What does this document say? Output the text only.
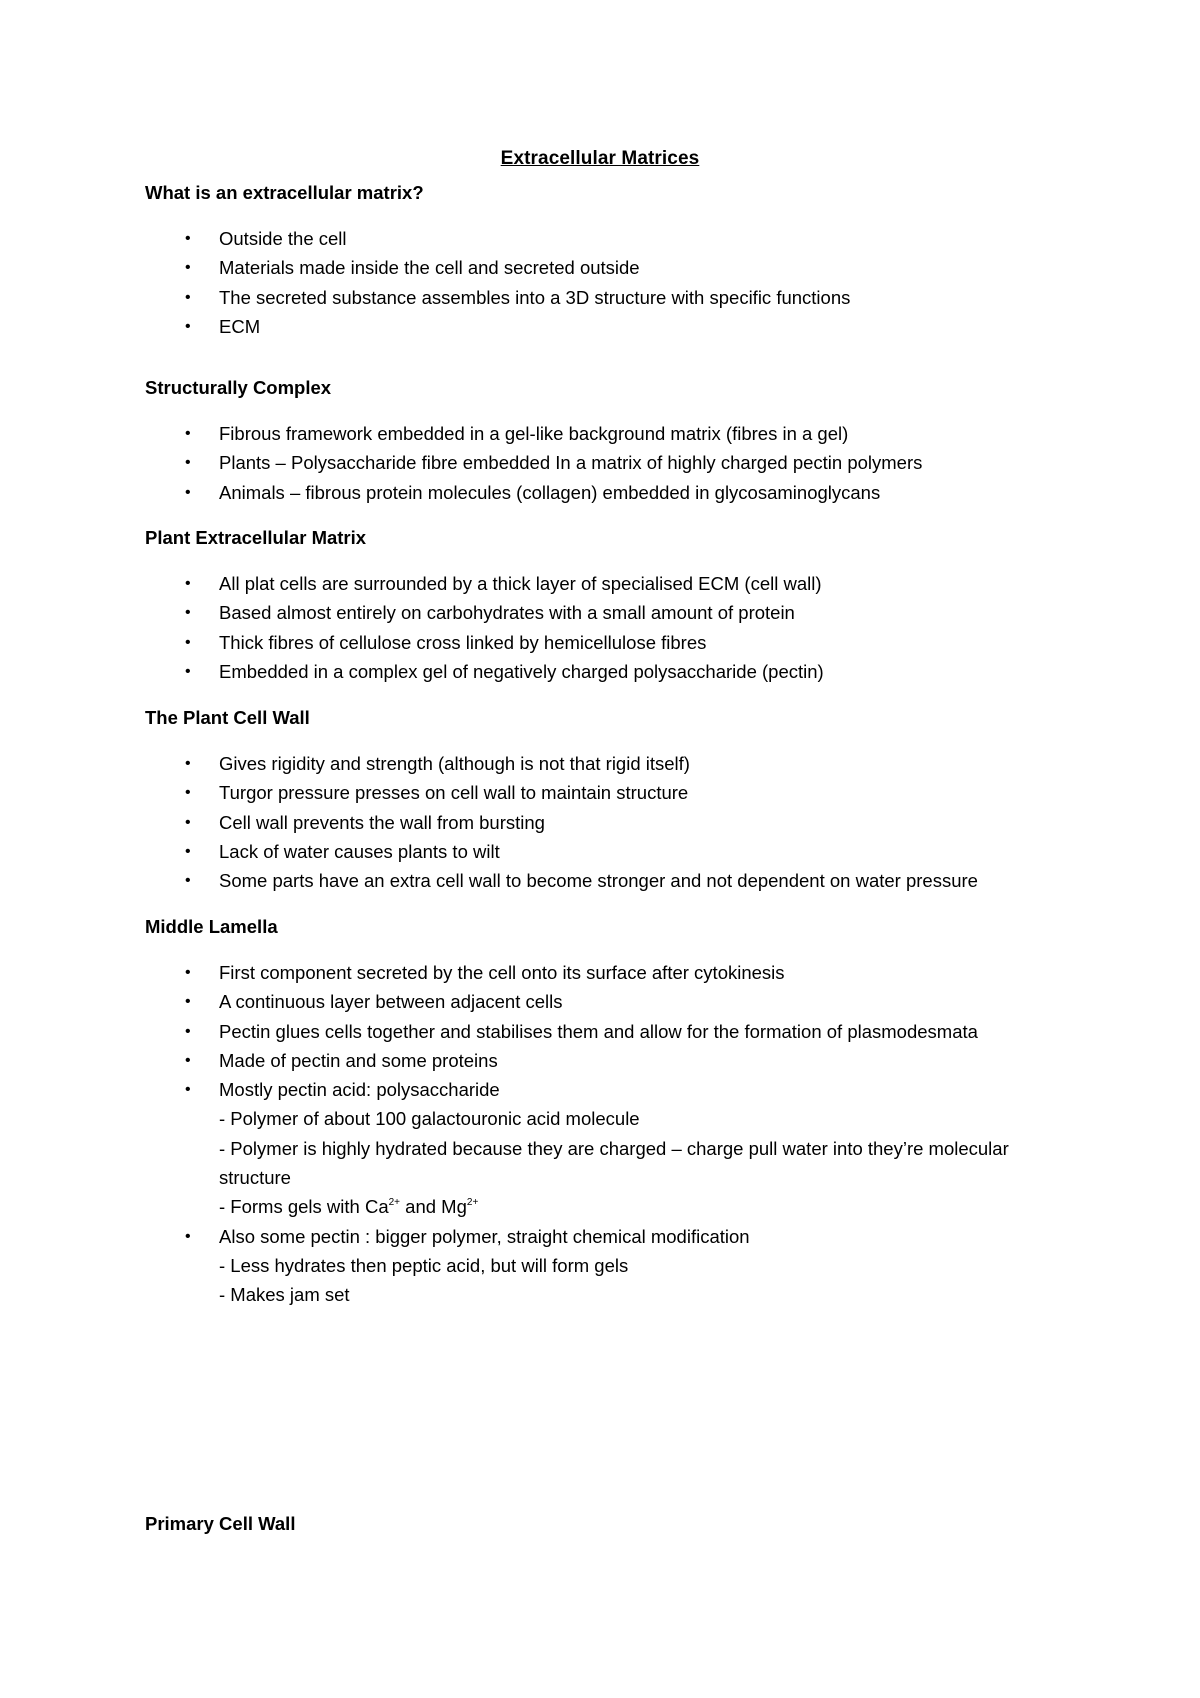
Extracellular Matrices
What is an extracellular matrix?
• Outside the cell
• Materials made inside the cell and secreted outside
• The secreted substance assembles into a 3D structure with specific functions
• ECM
Structurally Complex
• Fibrous framework embedded in a gel-like background matrix (fibres in a gel)
• Plants – Polysaccharide fibre embedded In a matrix of highly charged pectin polymers
• Animals – fibrous protein molecules (collagen) embedded in glycosaminoglycans
Plant Extracellular Matrix
• All plat cells are surrounded by a thick layer of specialised ECM (cell wall)
• Based almost entirely on carbohydrates with a small amount of protein
• Thick fibres of cellulose cross linked by hemicellulose fibres
• Embedded in a complex gel of negatively charged polysaccharide (pectin)
The Plant Cell Wall
• Gives rigidity and strength (although is not that rigid itself)
• Turgor pressure presses on cell wall to maintain structure
• Cell wall prevents the wall from bursting
• Lack of water causes plants to wilt
• Some parts have an extra cell wall to become stronger and not dependent on water pressure
Middle Lamella
• First component secreted by the cell onto its surface after cytokinesis
• A continuous layer between adjacent cells
• Pectin glues cells together and stabilises them and allow for the formation of plasmodesmata
• Made of pectin and some proteins
• Mostly pectin acid: polysaccharide
- Polymer of about 100 galactouronic acid molecule
- Polymer is highly hydrated because they are charged – charge pull water into they’re molecular structure
- Forms gels with $Ca^{2+}$ and $Mg^{2+}$
• Also some pectin : bigger polymer, straight chemical modification
- Less hydrates then peptic acid, but will form gels
- Makes jam set
Primary Cell Wall
